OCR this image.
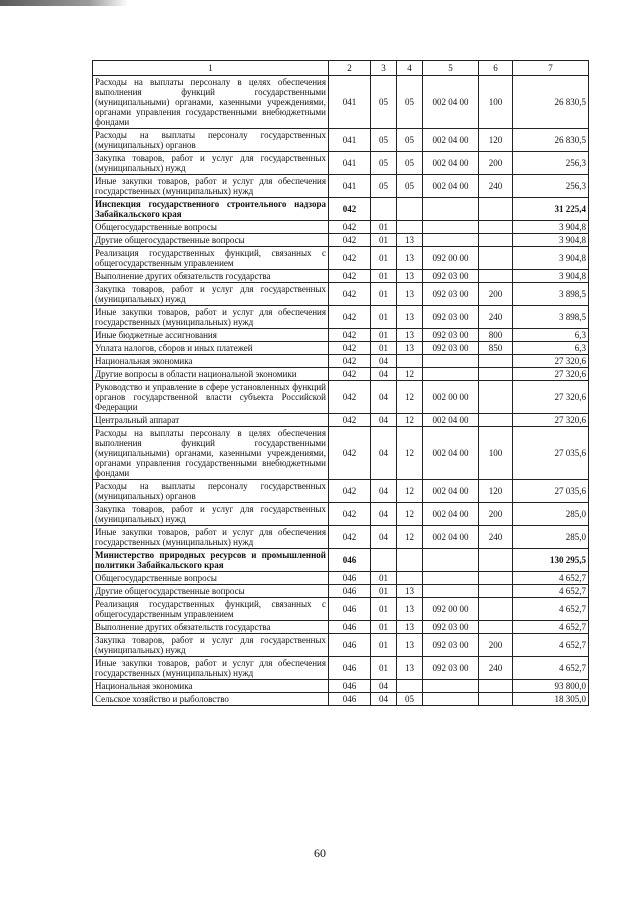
1	2	3	4	5	6	7
Расходы на выплаты персоналу в целях обеспечения выполнения функций государственными (муниципальными) органами, казенными учреждениями, органами управления государственными внебюджетными фондами	041	05	05	002 04 00	100	26 830,5
Расходы на выплаты персоналу государственных (муниципальных) органов	041	05	05	002 04 00	120	26 830,5
Закупка товаров, работ и услуг для государственных (муниципальных) нужд	041	05	05	002 04 00	200	256,3
Иные закупки товаров, работ и услуг для обеспечения государственных (муниципальных) нужд	041	05	05	002 04 00	240	256,3
Инспекция государственного строительного надзора Забайкальского края	042					31 225,4
Общегосударственные вопросы	042	01				3 904,8
Другие общегосударственные вопросы	042	01	13			3 904,8
Реализация государственных функций, связанных с общегосударственным управлением	042	01	13	092 00 00		3 904,8
Выполнение других обязательств государства	042	01	13	092 03 00		3 904,8
Закупка товаров, работ и услуг для государственных (муниципальных) нужд	042	01	13	092 03 00	200	3 898,5
Иные закупки товаров, работ и услуг для обеспечения государственных (муниципальных) нужд	042	01	13	092 03 00	240	3 898,5
Иные бюджетные ассигнования	042	01	13	092 03 00	800	6,3
Уплата налогов, сборов и иных платежей	042	01	13	092 03 00	850	6,3
Национальная экономика	042	04				27 320,6
Другие вопросы в области национальной экономики	042	04	12			27 320,6
Руководство и управление в сфере установленных функций органов государственной власти субъекта Российской Федерации	042	04	12	002 00 00		27 320,6
Центральный аппарат	042	04	12	002 04 00		27 320,6
Расходы на выплаты персоналу в целях обеспечения выполнения функций государственными (муниципальными) органами, казенными учреждениями, органами управления государственными внебюджетными фондами	042	04	12	002 04 00	100	27 035,6
Расходы на выплаты персоналу государственных (муниципальных) органов	042	04	12	002 04 00	120	27 035,6
Закупка товаров, работ и услуг для государственных (муниципальных) нужд	042	04	12	002 04 00	200	285,0
Иные закупки товаров, работ и услуг для обеспечения государственных (муниципальных) нужд	042	04	12	002 04 00	240	285,0
Министерство природных ресурсов и промышленной политики Забайкальского края	046					130 295,5
Общегосударственные вопросы	046	01				4 652,7
Другие общегосударственные вопросы	046	01	13			4 652,7
Реализация государственных функций, связанных с общегосударственным управлением	046	01	13	092 00 00		4 652,7
Выполнение других обязательств государства	046	01	13	092 03 00		4 652,7
Закупка товаров, работ и услуг для государственных (муниципальных) нужд	046	01	13	092 03 00	200	4 652,7
Иные закупки товаров, работ и услуг для обеспечения государственных (муниципальных) нужд	046	01	13	092 03 00	240	4 652,7
Национальная экономика	046	04				93 800,0
Сельское хозяйство и рыболовство	046	04	05			18 305,0
60
